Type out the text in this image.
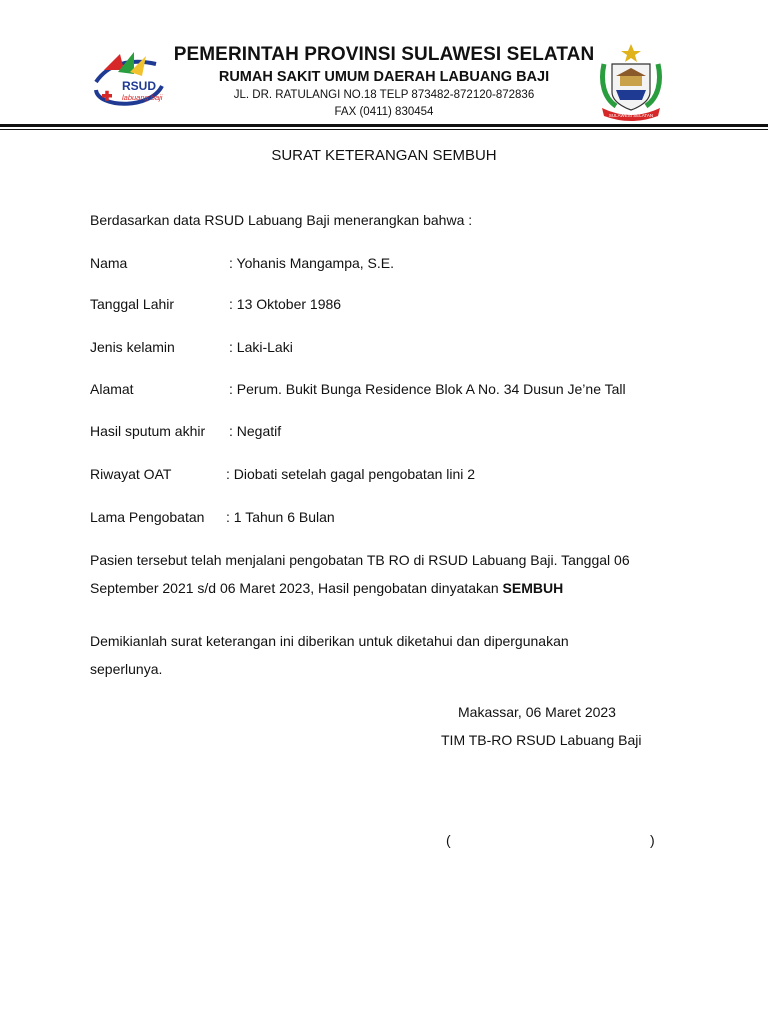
RSUD
labuang baji
PEMERINTAH PROVINSI SULAWESI SELATAN
RUMAH SAKIT UMUM DAERAH LABUANG BAJI
JL. DR. RATULANGI NO.18 TELP 873482-872120-872836
FAX (0411) 830454	SULAWESI SELATAN
SURAT KETERANGAN SEMBUH
Berdasarkan data RSUD Labuang Baji menerangkan bahwa :
Nama	: Yohanis Mangampa, S.E.
Tanggal Lahir	: 13 Oktober 1986
Jenis kelamin	: Laki-Laki
Alamat	: Perum. Bukit Bunga Residence Blok A No. 34 Dusun Je’ne Tall
Hasil sputum akhir : Negatif
Riwayat OAT	: Diobati setelah gagal pengobatan lini 2
Lama Pengobatan : 1 Tahun 6 Bulan
Pasien tersebut telah menjalani pengobatan TB RO di RSUD Labuang Baji. Tanggal 06 September 2021 s/d 06 Maret 2023, Hasil pengobatan dinyatakan SEMBUH
Demikianlah surat keterangan ini diberikan untuk diketahui dan dipergunakan seperlunya.
Makassar, 06 Maret 2023
TIM TB-RO RSUD Labuang Baji
(	)
